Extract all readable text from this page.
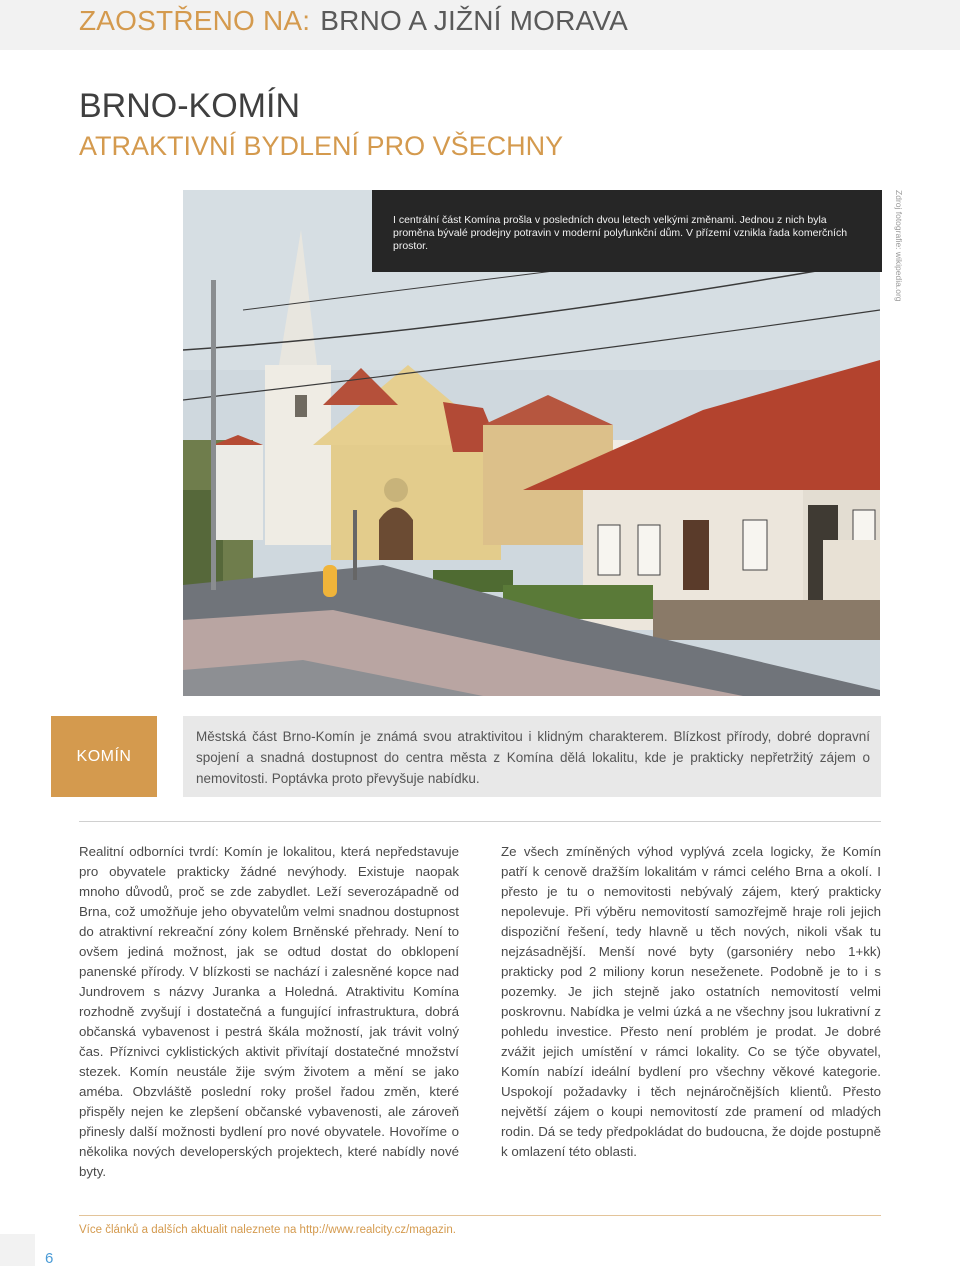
ZAOSTŘENO NA: BRNO A JIŽNÍ MORAVA
BRNO-KOMÍN
ATRAKTIVNÍ BYDLENÍ PRO VŠECHNY

I centrální část Komína prošla v posledních dvou letech velkými změnami. Jednou z nich byla proměna bývalé prodejny potravin v moderní polyfunkční dům. V přízemí vznikla řada komerčních prostor.	Zdroj fotografie: wikipedia.org
KOMÍN

Městská část Brno-Komín je známá svou atraktivitou i klidným charakterem. Blízkost přírody, dobré dopravní spojení a snadná dostupnost do centra města z Komína dělá lokalitu, kde je prakticky nepřetržitý zájem o nemovitosti. Poptávka proto převyšuje nabídku.

Realitní odborníci tvrdí: Komín je lokalitou, která nepředstavuje pro obyvatele prakticky žádné nevýhody. Existuje naopak mnoho důvodů, proč se zde zabydlet. Leží severozápadně od Brna, což umožňuje jeho obyvatelům velmi snadnou dostupnost do atraktivní rekreační zóny kolem Brněnské přehrady. Není to ovšem jediná možnost, jak se odtud dostat do obklopení panenské přírody. V blízkosti se nachází i zalesněné kopce nad Jundrovem s názvy Juranka a Holedná. Atraktivitu Komína rozhodně zvyšují i dostatečná a fungující infrastruktura, dobrá občanská vybavenost i pestrá škála možností, jak trávit volný čas. Příznivci cyklistických aktivit přivítají dostatečné množství stezek. Komín neustále žije svým životem a mění se jako améba. Obzvláště poslední roky prošel řadou změn, které přispěly nejen ke zlepšení občanské vybavenosti, ale zároveň přinesly další možnosti bydlení pro nové obyvatele. Hovoříme o několika nových developerských projektech, které nabídly nové byty.

Ze všech zmíněných výhod vyplývá zcela logicky, že Komín patří k cenově dražším lokalitám v rámci celého Brna a okolí. I přesto je tu o nemovitosti nebývalý zájem, který prakticky nepolevuje. Při výběru nemovitostí samozřejmě hraje roli jejich dispoziční řešení, tedy hlavně u těch nových, nikoli však tu nejzásadnější. Menší nové byty (garsoniéry nebo 1+kk) prakticky pod 2 miliony korun neseženete. Podobně je to i s pozemky. Je jich stejně jako ostatních nemovitostí velmi poskrovnu. Nabídka je velmi úzká a ne všechny jsou lukrativní z pohledu investice. Přesto není problém je prodat. Je dobré zvážit jejich umístění v rámci lokality. Co se týče obyvatel, Komín nabízí ideální bydlení pro všechny věkové kategorie. Uspokojí požadavky i těch nejnáročnějších klientů. Přesto největší zájem o koupi nemovitostí zde pramení od mladých rodin. Dá se tedy předpokládat do budoucna, že dojde postupně k omlazení této oblasti.

Více článků a dalších aktualit naleznete na http://www.realcity.cz/magazin.
6
